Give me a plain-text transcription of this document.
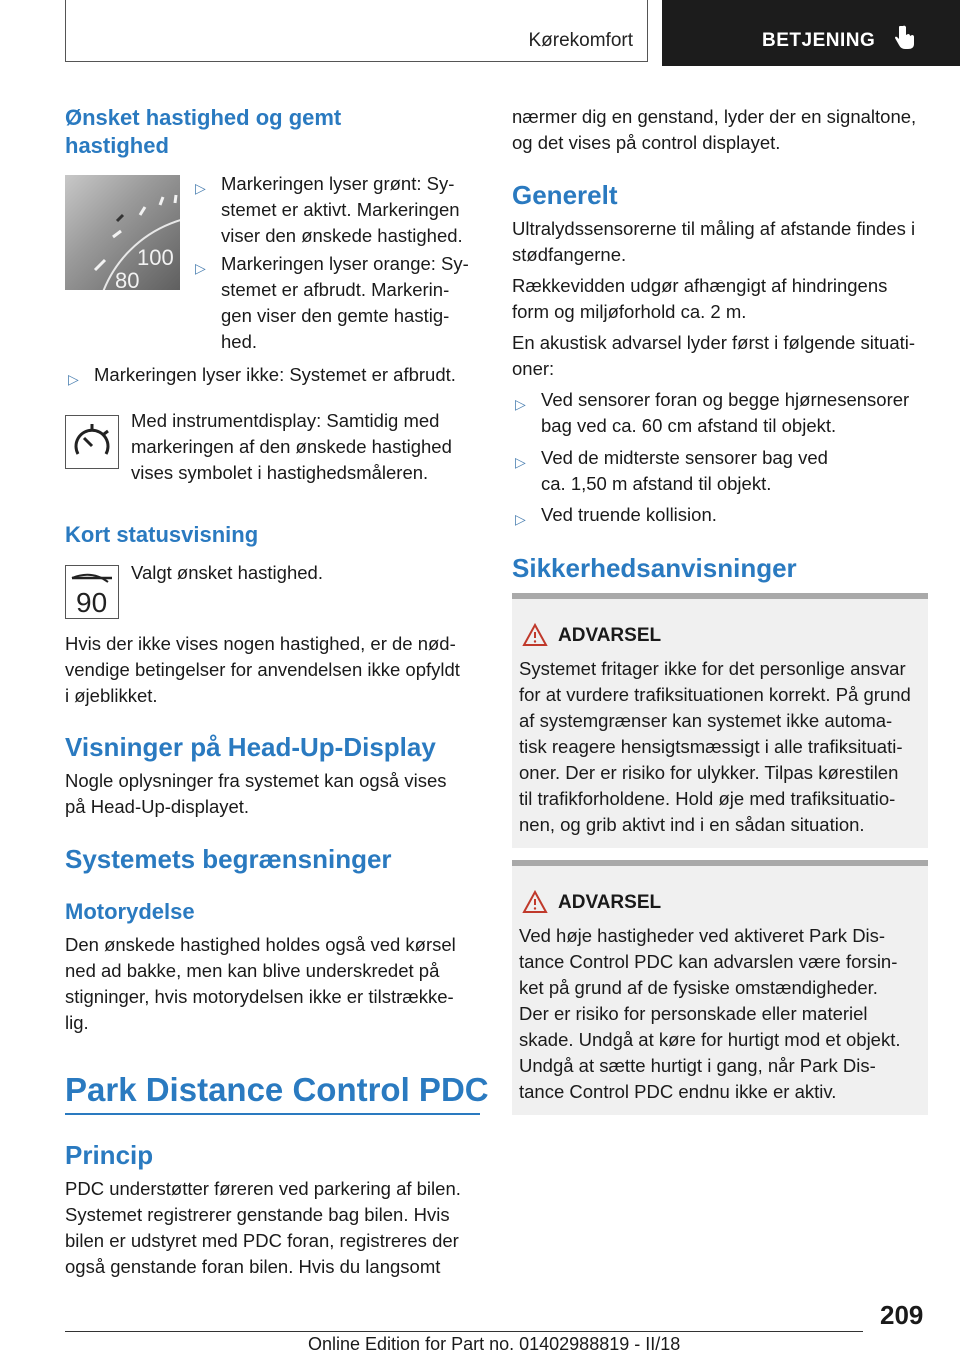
Kørekomfort	BETJENING
Ønsket hastighed og gemt hastighed
100
80
▷ Markeringen lyser grønt: Sy-
stemet er aktivt. Markeringen
viser den ønskede hastighed.

▷ Markeringen lyser orange: Sy-
stemet er afbrudt. Markerin-
gen viser den gemte hastig-
hed.

▷ Markeringen lyser ikke: Systemet er afbrudt.

Med instrumentdisplay: Samtidig med
markeringen af den ønskede hastighed
vises symbolet i hastighedsmåleren.

Kort statusvisning
90

Valgt ønsket hastighed.

Hvis der ikke vises nogen hastighed, er de nød-
vendige betingelser for anvendelsen ikke opfyldt
i øjeblikket.

Visninger på Head-Up-Display

Nogle oplysninger fra systemet kan også vises
på Head-Up-displayet.

Systemets begrænsninger
Motorydelse

Den ønskede hastighed holdes også ved kørsel
ned ad bakke, men kan blive underskredet på
stigninger, hvis motorydelsen ikke er tilstrække-
lig.

Park Distance Control PDC
Princip

PDC understøtter føreren ved parkering af bilen.
Systemet registrerer genstande bag bilen. Hvis
bilen er udstyret med PDC foran, registreres der
også genstande foran bilen. Hvis du langsomt

nærmer dig en genstand, lyder der en signaltone,
og det vises på control displayet.

Generelt

Ultralydssensorerne til måling af afstande findes i
stødfangerne.

Rækkevidden udgør afhængigt af hindringens
form og miljøforhold ca. 2 m.

En akustisk advarsel lyder først i følgende situati-
oner:

▷ Ved sensorer foran og begge hjørnesensorer
bag ved ca. 60 cm afstand til objekt.

▷ Ved de midterste sensorer bag ved
ca. 1,50 m afstand til objekt.

▷ Ved truende kollision.

Sikkerhedsanvisninger
ADVARSEL

Systemet fritager ikke for det personlige ansvar
for at vurdere trafiksituationen korrekt. På grund
af systemgrænser kan systemet ikke automa-
tisk reagere hensigtsmæssigt i alle trafiksituati-
oner. Der er risiko for ulykker. Tilpas kørestilen
til trafikforholdene. Hold øje med trafiksituatio-
nen, og grib aktivt ind i en sådan situation.

ADVARSEL

Ved høje hastigheder ved aktiveret Park Dis-
tance Control PDC kan advarslen være forsin-
ket på grund af de fysiske omstændigheder.
Der er risiko for personskade eller materiel
skade. Undgå at køre for hurtigt mod et objekt.
Undgå at sætte hurtigt i gang, når Park Dis-
tance Control PDC endnu ikke er aktiv.

209
Online Edition for Part no. 01402988819 - II/18
